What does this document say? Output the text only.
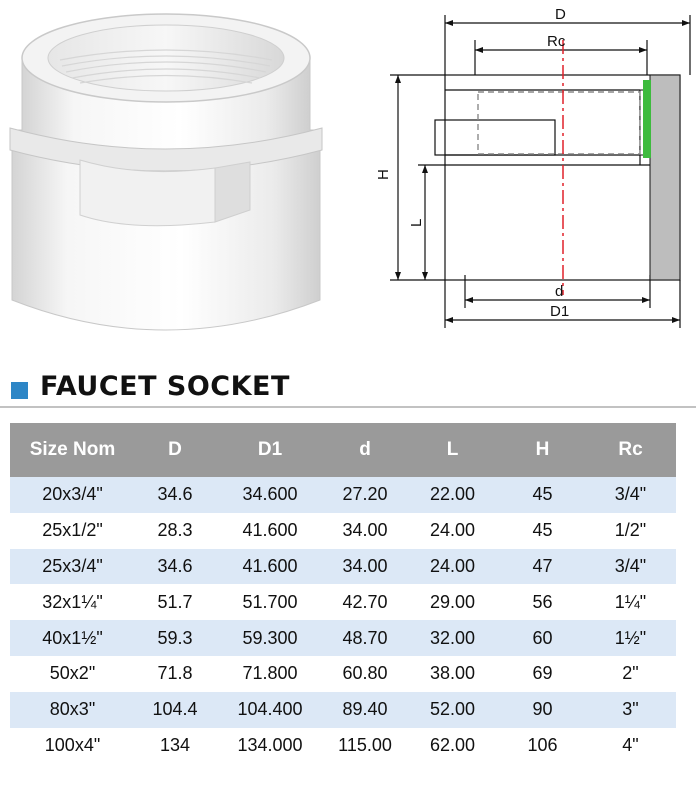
D
Rc
H
L
d
D1
FAUCET SOCKET
Size Nom	D	D1	d	L	H	Rc
20x3/4"	34.6	34.600	27.20	22.00	45	3/4"
25x1/2"	28.3	41.600	34.00	24.00	45	1/2"
25x3/4"	34.6	41.600	34.00	24.00	47	3/4"
32x1¼"	51.7	51.700	42.70	29.00	56	1¼"
40x1½"	59.3	59.300	48.70	32.00	60	1½"
50x2"	71.8	71.800	60.80	38.00	69	2"
80x3"	104.4	104.400	89.40	52.00	90	3"
100x4"	134	134.000	115.00	62.00	106	4"
